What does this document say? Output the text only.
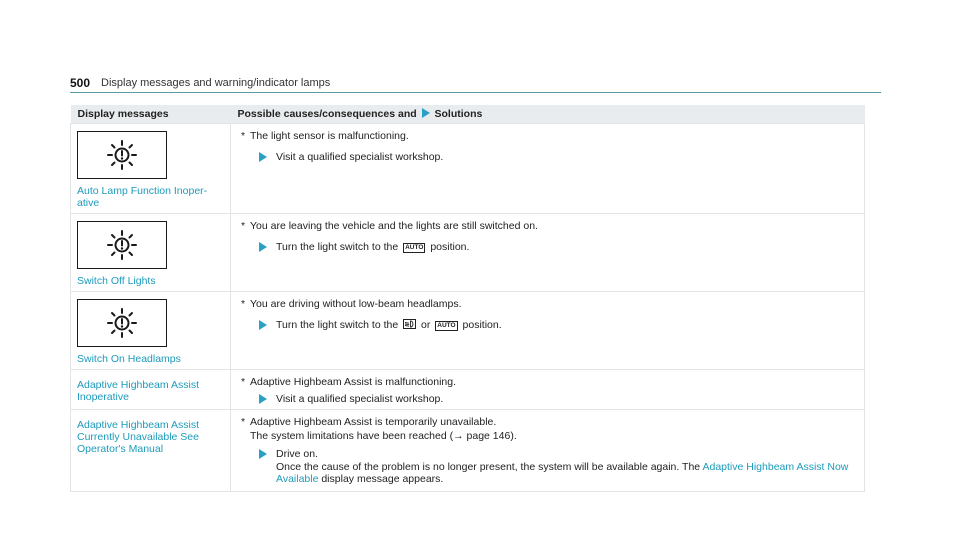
500 Display messages and warning/indicator lamps
Display messages	Possible causes/consequences and Solutions

Auto Lamp Function Inoper-ative	* The light sensor is malfunctioning.
Visit a qualified specialist workshop.

Switch Off Lights	* You are leaving the vehicle and the lights are still switched on.
Turn the light switch to the AUTO position.

Switch On Headlamps	* You are driving without low-beam headlamps.
Turn the light switch to the or AUTO position.

Adaptive Highbeam Assist Inoperative	* Adaptive Highbeam Assist is malfunctioning.
Visit a qualified specialist workshop.

Adaptive Highbeam Assist Currently Unavailable See Operator's Manual	* Adaptive Highbeam Assist is temporarily unavailable.
The system limitations have been reached (→ page 146).
Drive on.
Once the cause of the problem is no longer present, the system will be available again. The Adaptive Highbeam Assist Now Available display message appears.
